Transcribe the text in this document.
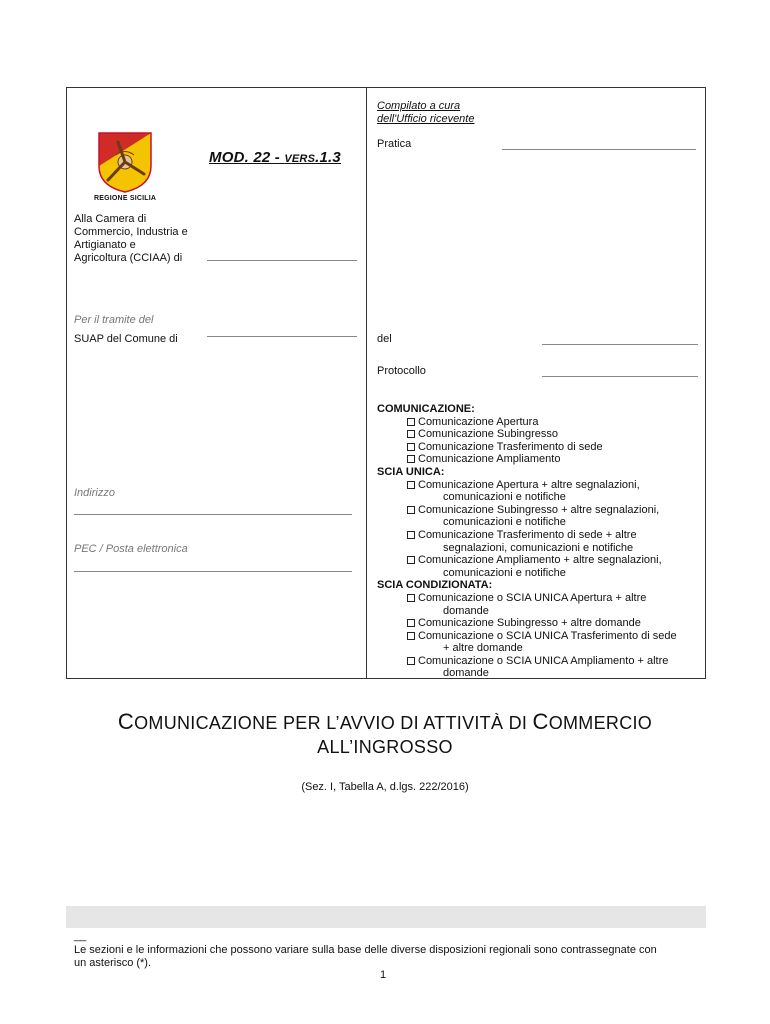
REGIONE SICILIA
MOD. 22 - VERS.1.3
Alla Camera di
Commercio, Industria e
Artigianato e
Agricoltura (CCIAA) di
Per il tramite del
SUAP del Comune di
Indirizzo
PEC / Posta elettronica
Compilato a cura
dell'Ufficio ricevente
Pratica
del
Protocollo
COMUNICAZIONE:
Comunicazione Apertura
Comunicazione Subingresso
Comunicazione Trasferimento di sede
Comunicazione Ampliamento
SCIA UNICA:
Comunicazione Apertura + altre segnalazioni,
comunicazioni e notifiche
Comunicazione Subingresso + altre segnalazioni,
comunicazioni e notifiche
Comunicazione Trasferimento di sede + altre
segnalazioni, comunicazioni e notifiche
Comunicazione Ampliamento + altre segnalazioni,
comunicazioni e notifiche
SCIA CONDIZIONATA:
Comunicazione o SCIA UNICA Apertura + altre
domande
Comunicazione Subingresso + altre domande
Comunicazione o SCIA UNICA Trasferimento di sede
+ altre domande
Comunicazione o SCIA UNICA Ampliamento + altre
domande
COMUNICAZIONE PER L’AVVIO DI ATTIVITÀ DI COMMERCIO
ALL’INGROSSO
(Sez. I, Tabella A, d.lgs. 222/2016)
__
Le sezioni e le informazioni che possono variare sulla base delle diverse disposizioni regionali sono contrassegnate con
un asterisco (*).
1
